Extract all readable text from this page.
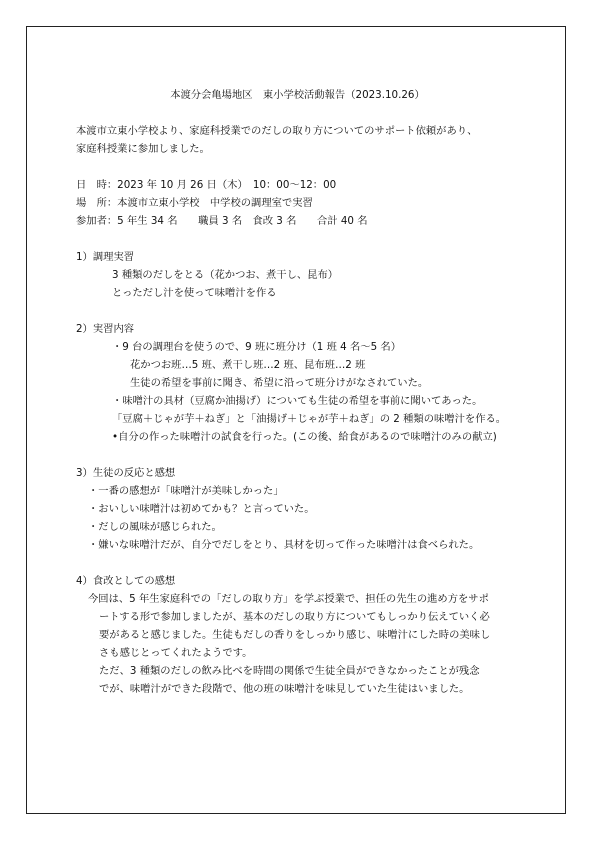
本渡分会亀場地区　東小学校活動報告（2023.10.26）
本渡市立東小学校より、家庭科授業でのだしの取り方についてのサポート依頼があり、
家庭科授業に参加しました。
日　時：2023 年 10 月 26 日（木）　10：00～12：00
場　所：本渡市立東小学校　中学校の調理室で実習
参加者：5 年生 34 名　　職員 3 名　食改 3 名　　合計 40 名
1）調理実習
3 種類のだしをとる（花かつお、煮干し、昆布）
とっただし汁を使って味噌汁を作る
2）実習内容
・9 台の調理台を使うので、9 班に班分け（1 班 4 名～5 名）
花かつお班…5 班、煮干し班…2 班、昆布班…2 班
生徒の希望を事前に聞き、希望に沿って班分けがなされていた。
・味噌汁の具材（豆腐か油揚げ）についても生徒の希望を事前に聞いてあった。
「豆腐＋じゃが芋＋ねぎ」と「油揚げ＋じゃが芋＋ねぎ」の 2 種類の味噌汁を作る。
•自分の作った味噌汁の試食を行った。(この後、給食があるので味噌汁のみの献立)
3）生徒の反応と感想
・一番の感想が「味噌汁が美味しかった」
・おいしい味噌汁は初めてかも？と言っていた。
・だしの風味が感じられた。
・嫌いな味噌汁だが、自分でだしをとり、具材を切って作った味噌汁は食べられた。
4）食改としての感想
今回は、5 年生家庭科での「だしの取り方」を学ぶ授業で、担任の先生の進め方をサポ
ートする形で参加しましたが、基本のだしの取り方についてもしっかり伝えていく必
要があると感じました。生徒もだしの香りをしっかり感じ、味噌汁にした時の美味し
さも感じとってくれたようです。
ただ、3 種類のだしの飲み比べを時間の関係で生徒全員ができなかったことが残念
でが、味噌汁ができた段階で、他の班の味噌汁を味見していた生徒はいました。
